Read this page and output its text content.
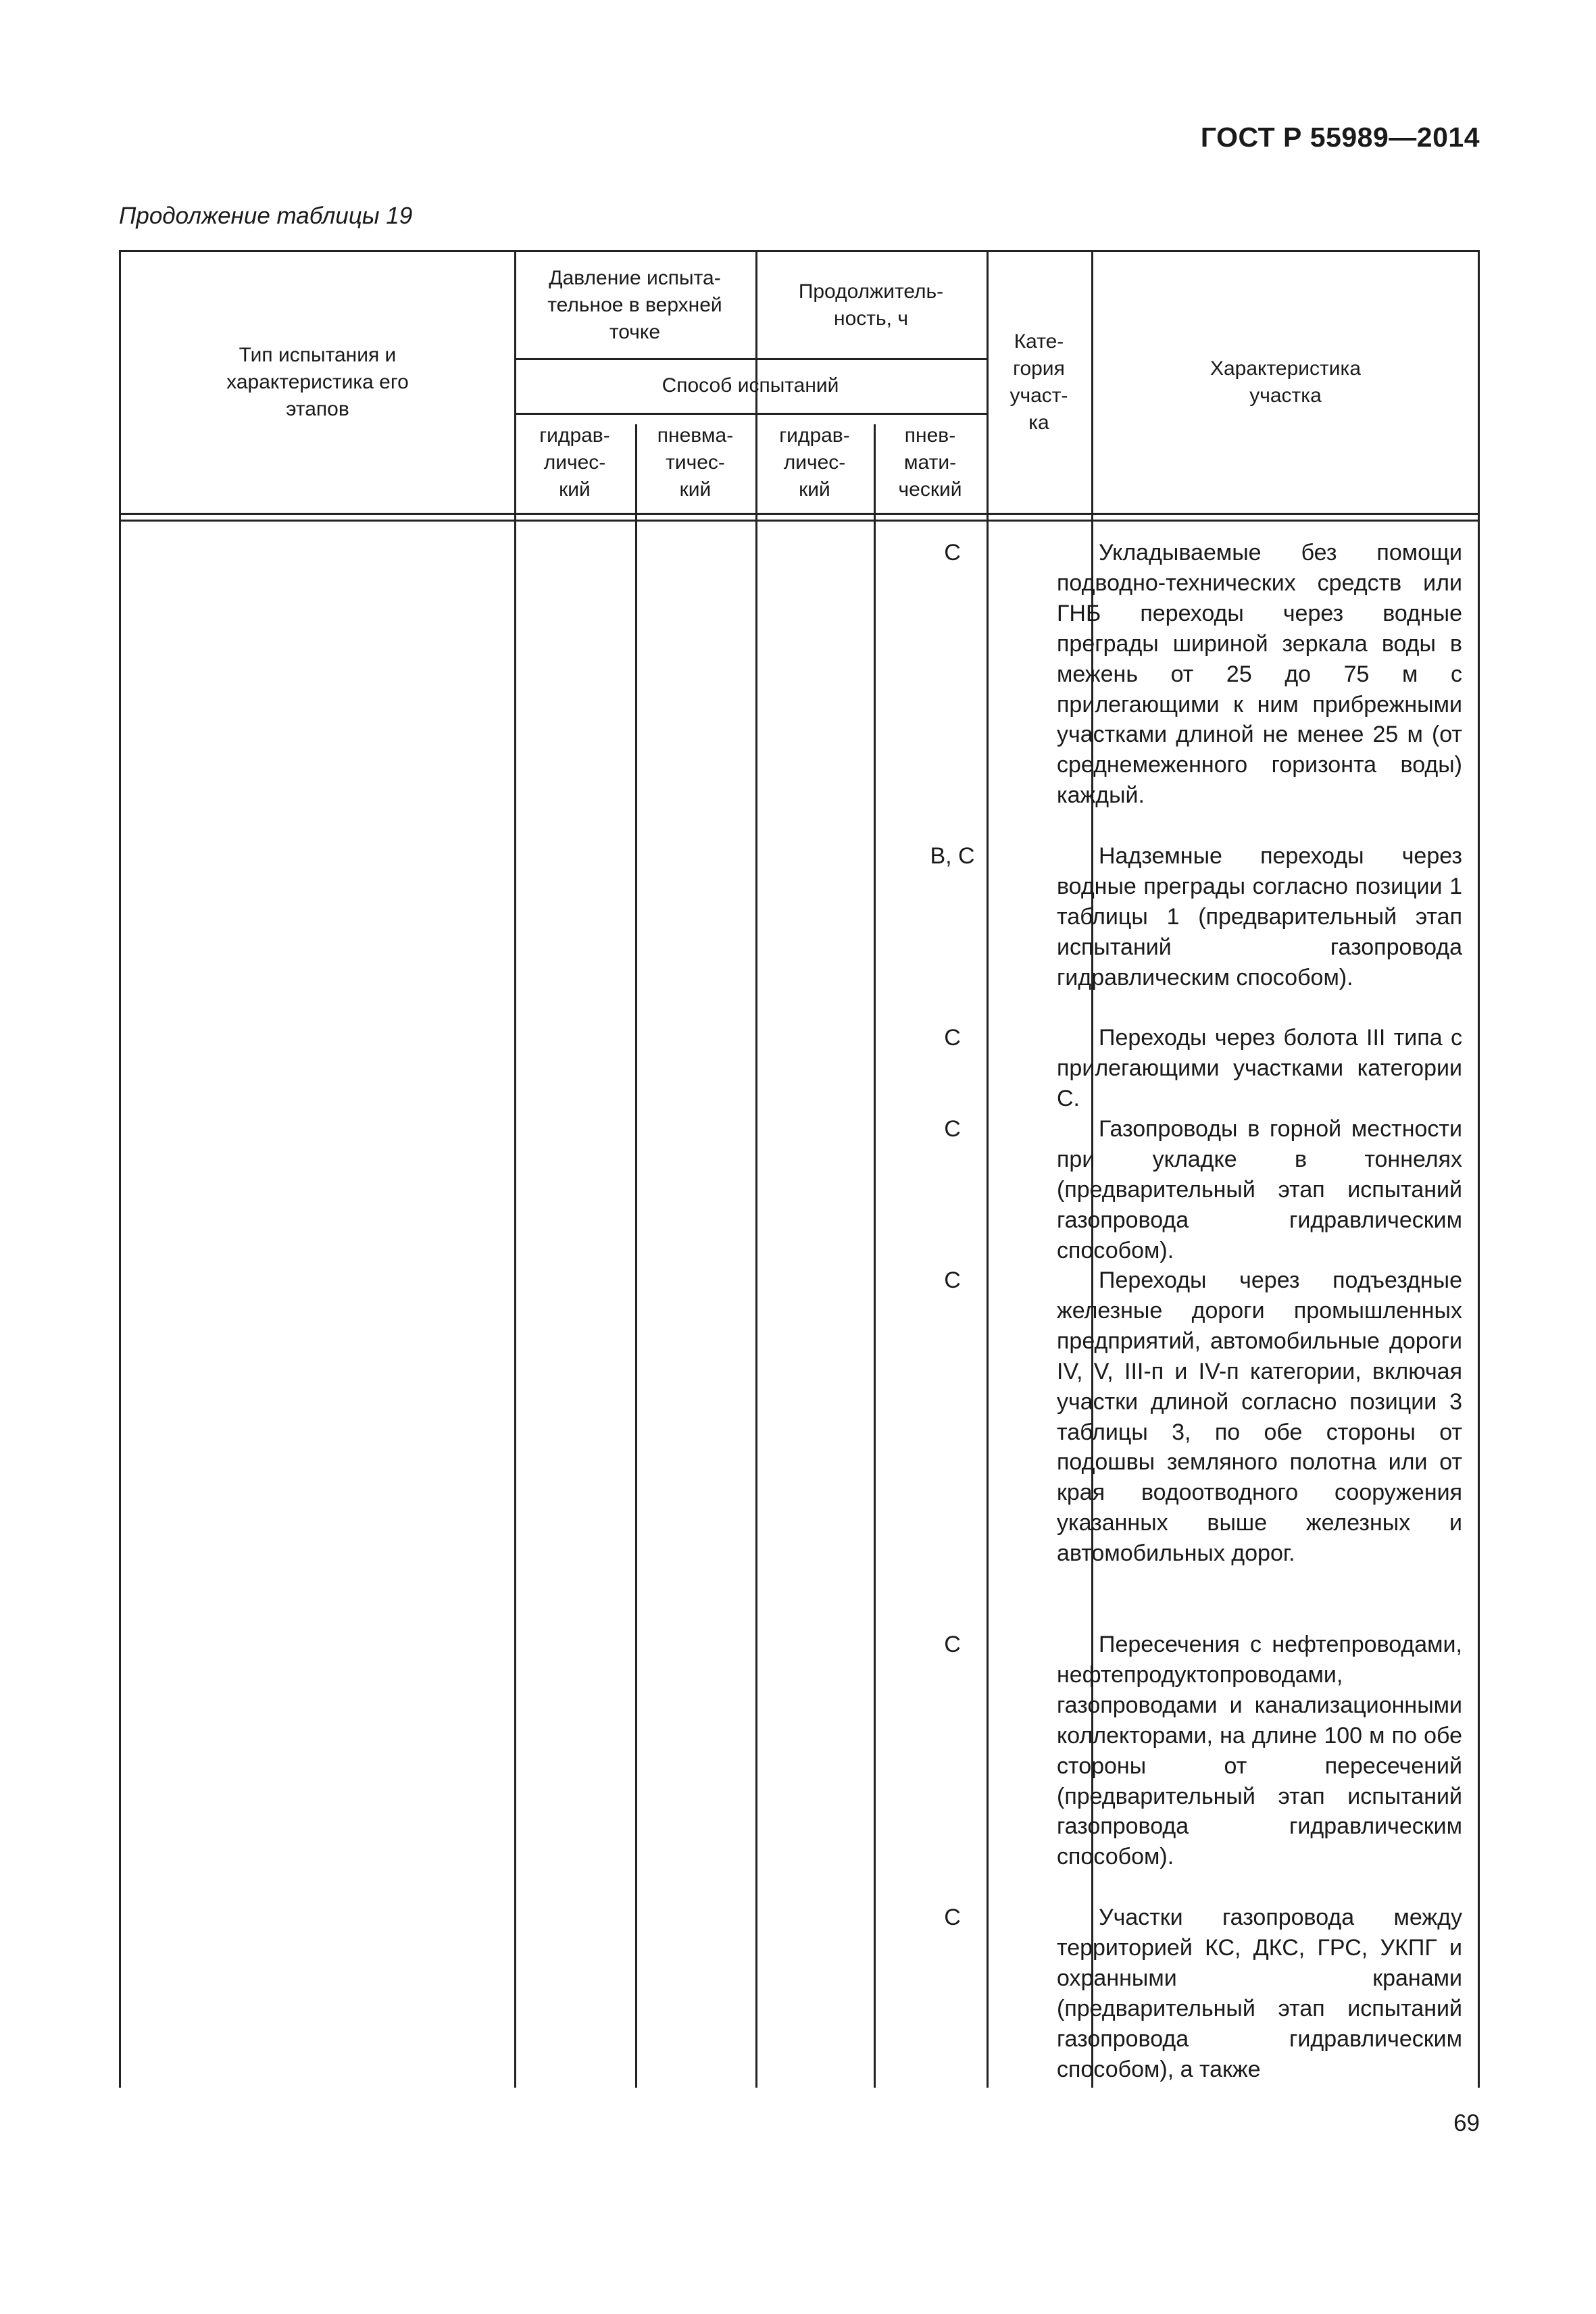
ГОСТ Р 55989—2014
Продолжение таблицы 19
Тип испытания и
характеристика его
этапов
Давление испыта-
тельное в верхней
точке
Продолжитель-
ность, ч
Способ испытаний
гидрав-
личес-
кий
пневма-
тичес-
кий
гидрав-
личес-
кий
пнев-
мати-
ческий
Кате-
гория
участ-
ка
Характеристика
участка
С
В, С
С
С
С
С
С
Укладываемые без помощи подводно-технических средств или ГНБ переходы через водные преграды шириной зеркала воды в межень от 25 до 75 м с прилегающими к ним прибрежными участками длиной не менее 25 м (от среднемеженного горизонта воды) каждый.
Надземные переходы через водные преграды согласно позиции 1 таблицы 1 (предварительный этап испытаний газопровода гидравлическим способом).
Переходы через болота III типа с прилегающими участками категории С.
Газопроводы в горной местности при укладке в тоннелях (предварительный этап испытаний газопровода гидравлическим способом).
Переходы через подъездные железные дороги промышленных предприятий, автомобильные дороги IV, V, III-п и IV-п категории, включая участки длиной согласно позиции 3 таблицы 3, по обе стороны от подошвы земляного полотна или от края водоотводного сооружения указанных выше железных и автомобильных дорог.
Пересечения с нефтепроводами, нефтепродуктопроводами, газопроводами и канализационными коллекторами, на длине 100 м по обе стороны от пересечений (предварительный этап испытаний газопровода гидравлическим способом).
Участки газопровода между территорией КС, ДКС, ГРС, УКПГ и охранными кранами (предварительный этап испытаний газопровода гидравлическим способом), а также
69
